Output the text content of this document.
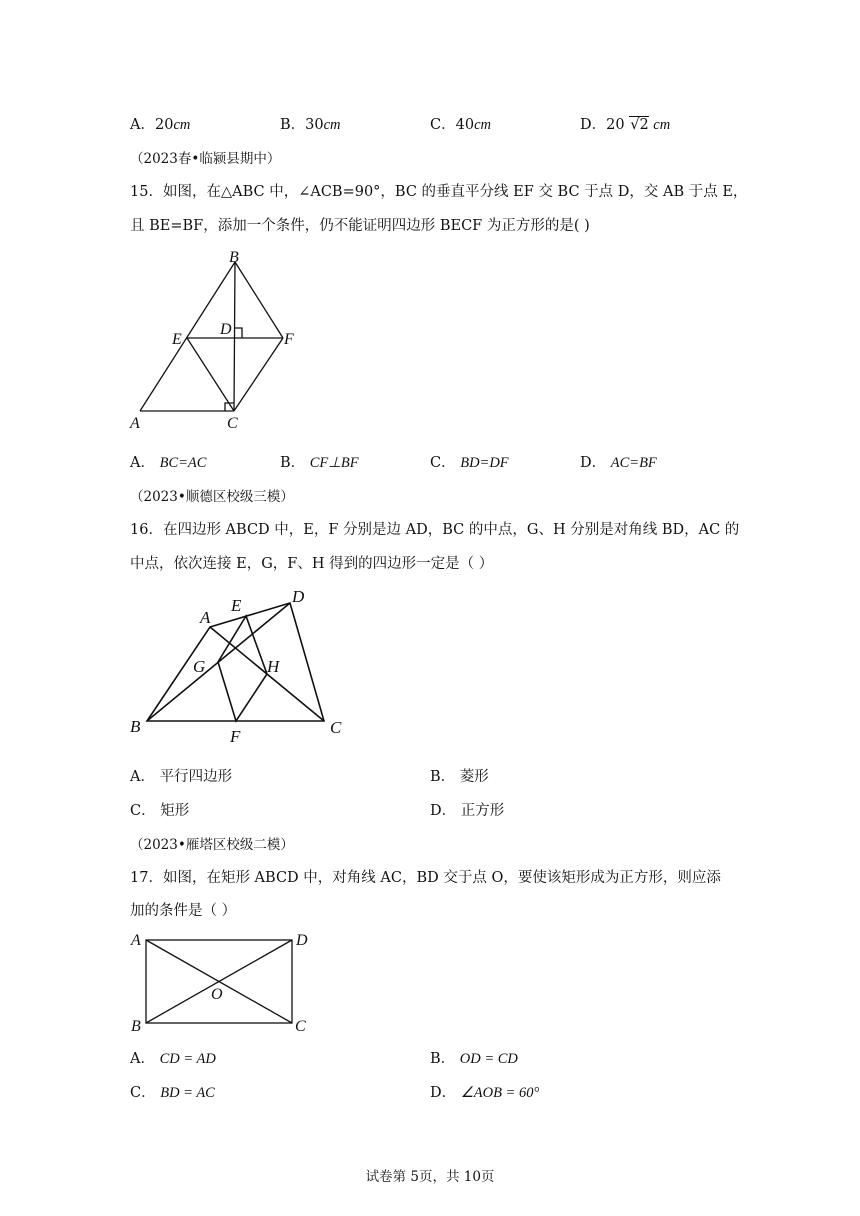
A．20cm	B．30cm	C．40cm	D．20 √2 cm
（2023春•临颍县期中）
15．如图，在△ABC 中，∠ACB=90°，BC 的垂直平分线 EF 交 BC 于点 D，交 AB 于点 E，
且 BE=BF，添加一个条件，仍不能证明四边形 BECF 为正方形的是( )
B
E
D
F
A	C
A． BC=AC	B． CF⊥BF	C． BD=DF	D． AC=BF
（2023•顺德区校级三模）
16．在四边形 ABCD 中，E，F 分别是边 AD，BC 的中点，G、H 分别是对角线 BD，AC 的
中点，依次连接 E，G，F、H 得到的四边形一定是（ ）
A
E	D
G	H
B
F	C
A． 平行四边形	B． 菱形
C． 矩形	D． 正方形
（2023•雁塔区校级二模）
17．如图，在矩形 ABCD 中，对角线 AC，BD 交于点 O，要使该矩形成为正方形，则应添
加的条件是（ ）
A	D
O
B	C
A． CD = AD	B． OD = CD
C． BD = AC	D． ∠AOB = 60°
试卷第 5页，共 10页
